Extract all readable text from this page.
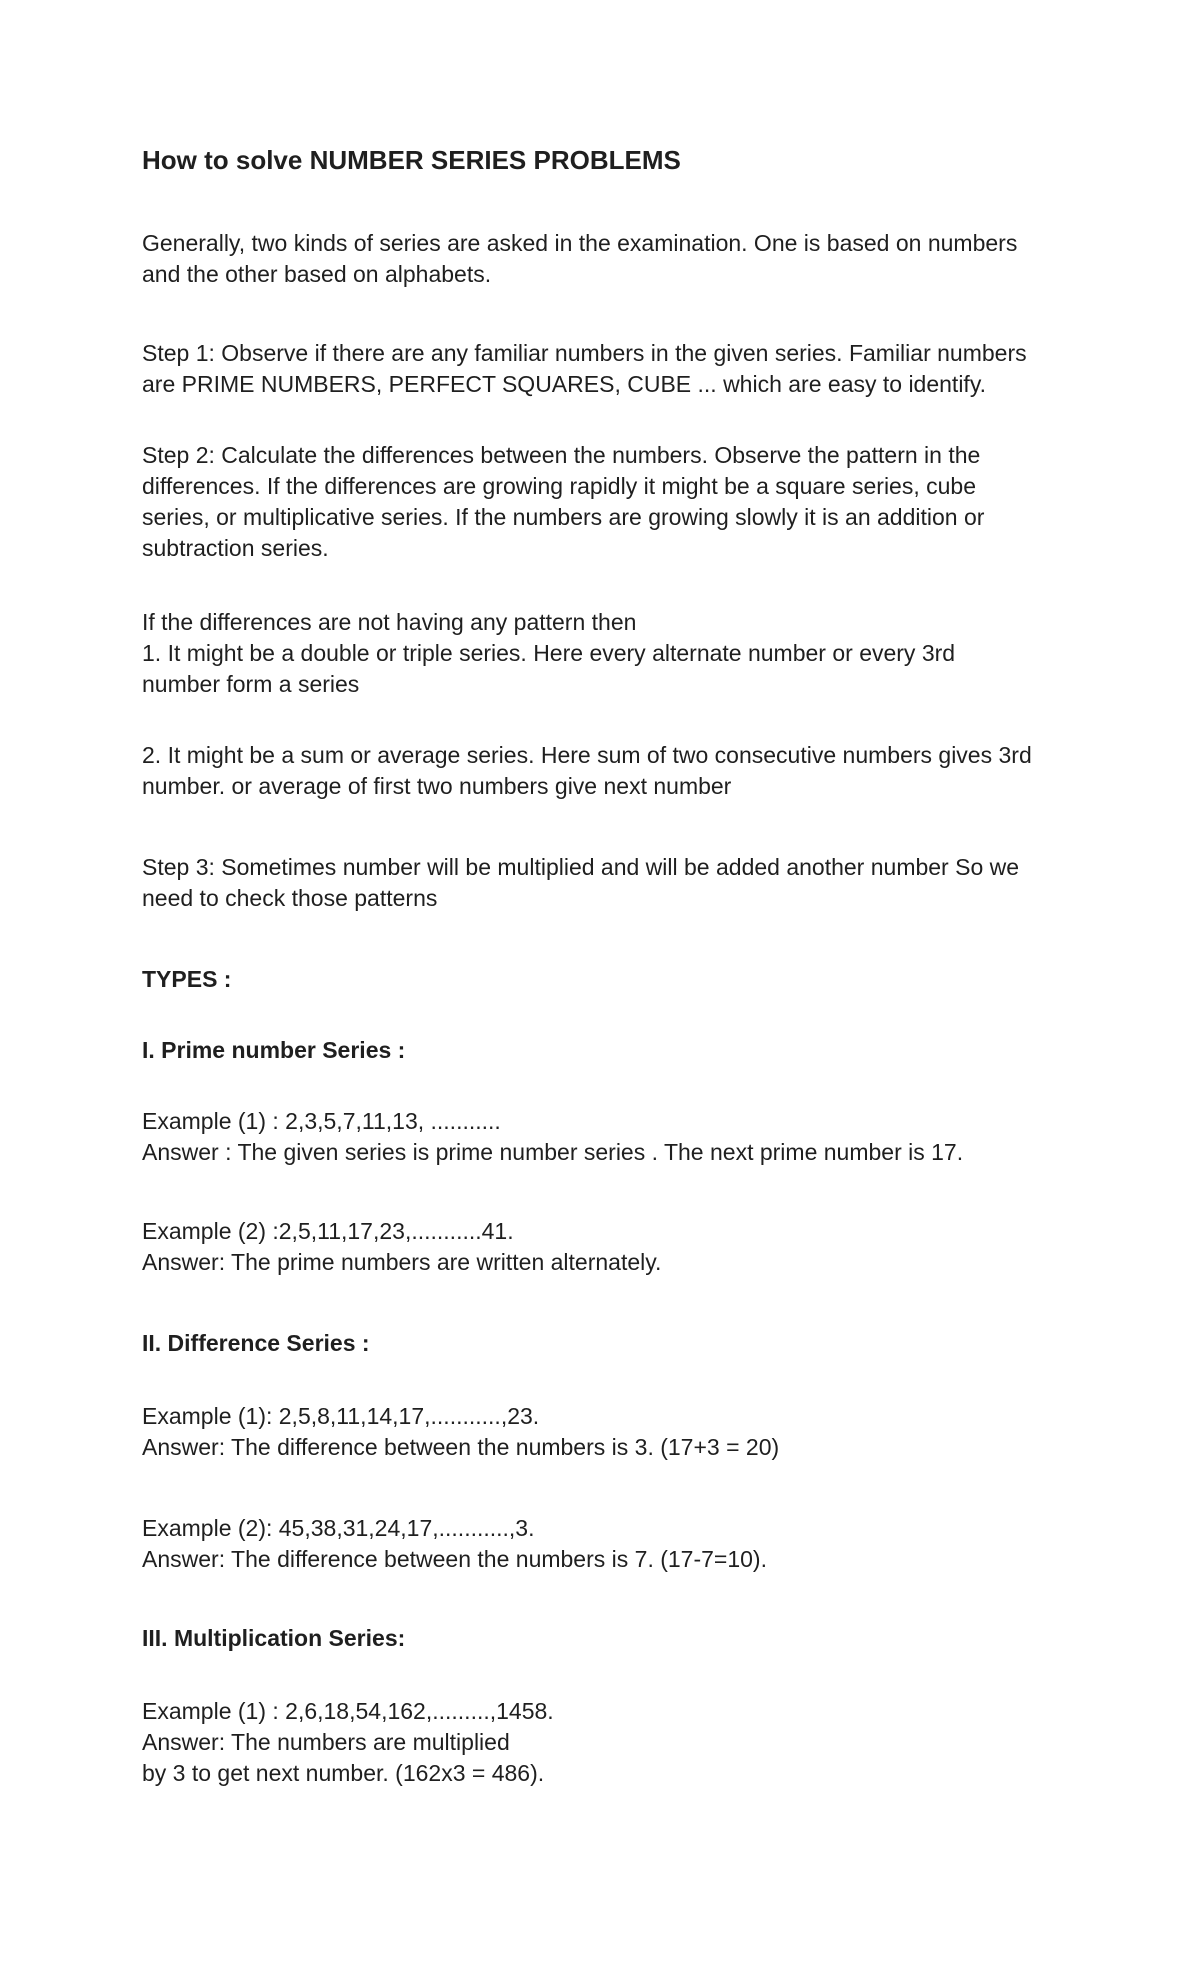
How to solve NUMBER SERIES PROBLEMS

Generally, two kinds of series are asked in the examination. One is based on numbers
and the other based on alphabets.

Step 1: Observe if there are any familiar numbers in the given series. Familiar numbers
are PRIME NUMBERS, PERFECT SQUARES, CUBE ... which are easy to identify.

Step 2: Calculate the differences between the numbers. Observe the pattern in the
differences. If the differences are growing rapidly it might be a square series, cube
series, or multiplicative series. If the numbers are growing slowly it is an addition or
subtraction series.

If the differences are not having any pattern then
1. It might be a double or triple series. Here every alternate number or every 3rd
number form a series

2. It might be a sum or average series. Here sum of two consecutive numbers gives 3rd
number. or average of first two numbers give next number

Step 3: Sometimes number will be multiplied and will be added another number So we
need to check those patterns

TYPES :

I. Prime number Series :

Example (1) : 2,3,5,7,11,13, ...........
Answer : The given series is prime number series . The next prime number is 17.

Example (2) :2,5,11,17,23,...........41.
Answer: The prime numbers are written alternately.

II. Difference Series :

Example (1): 2,5,8,11,14,17,...........,23.
Answer: The difference between the numbers is 3. (17+3 = 20)

Example (2): 45,38,31,24,17,...........,3.
Answer: The difference between the numbers is 7. (17-7=10).

III. Multiplication Series:

Example (1) : 2,6,18,54,162,.........,1458.
Answer: The numbers are multiplied
by 3 to get next number. (162x3 = 486).
